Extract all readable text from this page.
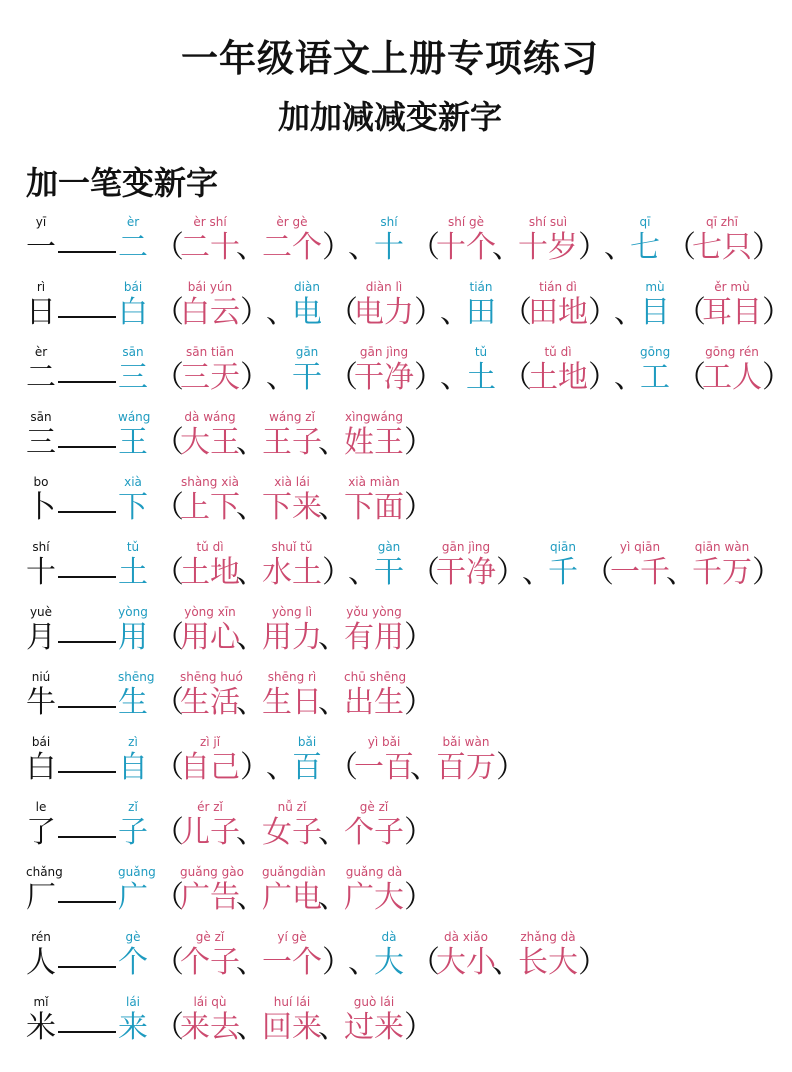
一年级语文上册专项练习
加加减减变新字
加一笔变新字
yī
一
èr
二 （
èr shí
二十
、
èr gè
二个 ）
、
shí
十 （
shí gè
十个
、
shí suì
十岁 ）
、
qī
七 （
qī zhī
七只 ）
rì
日
bái
白 （
bái yún
白云 ）
、
diàn
电 （
diàn lì
电力 ）
、
tián
田 （
tián dì
田地 ）
、
mù
目 （
ěr mù
耳目 ）
èr
二
sān
三 （
sān tiān
三天 ）
、
gān
干 （
gān jìng
干净 ）
、
tǔ
土 （
tǔ dì
土地 ）
、
gōng
工 （
gōng rén
工人 ）
sān
三
wáng
王 （
dà wáng
大王
、
wáng zǐ
王子
、
xìngwáng
姓王 ）
bo
卜
xià
下 （
shàng xià
上下
、
xià lái
下来
、
xià miàn
下面 ）
shí
十
tǔ
土 （
tǔ dì
土地
、
shuǐ tǔ
水土 ）
、
gàn
干 （
gān jìng
干净 ）
、
qiān
千 （
yì qiān
一千
、
qiān wàn
千万 ）
yuè
月
yòng
用 （
yòng xīn
用心
、
yòng lì
用力
、
yǒu yòng
有用 ）
niú
牛
shēng
生 （
shēng huó
生活
、
shēng rì
生日
、
chū shēng
出生 ）
bái
白
zì
自 （
zì jǐ
自己 ）
、
bǎi
百 （
yì bǎi
一百
、
bǎi wàn
百万 ）
le
了
zǐ
子 （
ér zǐ
儿子
、
nǚ zǐ
女子
、
gè zǐ
个子 ）
chǎng
厂
guǎng
广 （
guǎng gào
广告
、
guǎngdiàn
广电
、
guǎng dà
广大 ）
rén
人
gè
个 （
gè zǐ
个子
、
yí gè
一个 ）
、
dà
大 （
dà xiǎo
大小
、
zhǎng dà
长大 ）
mǐ
米
lái
来 （
lái qù
来去
、
huí lái
回来
、
guò lái
过来 ）
